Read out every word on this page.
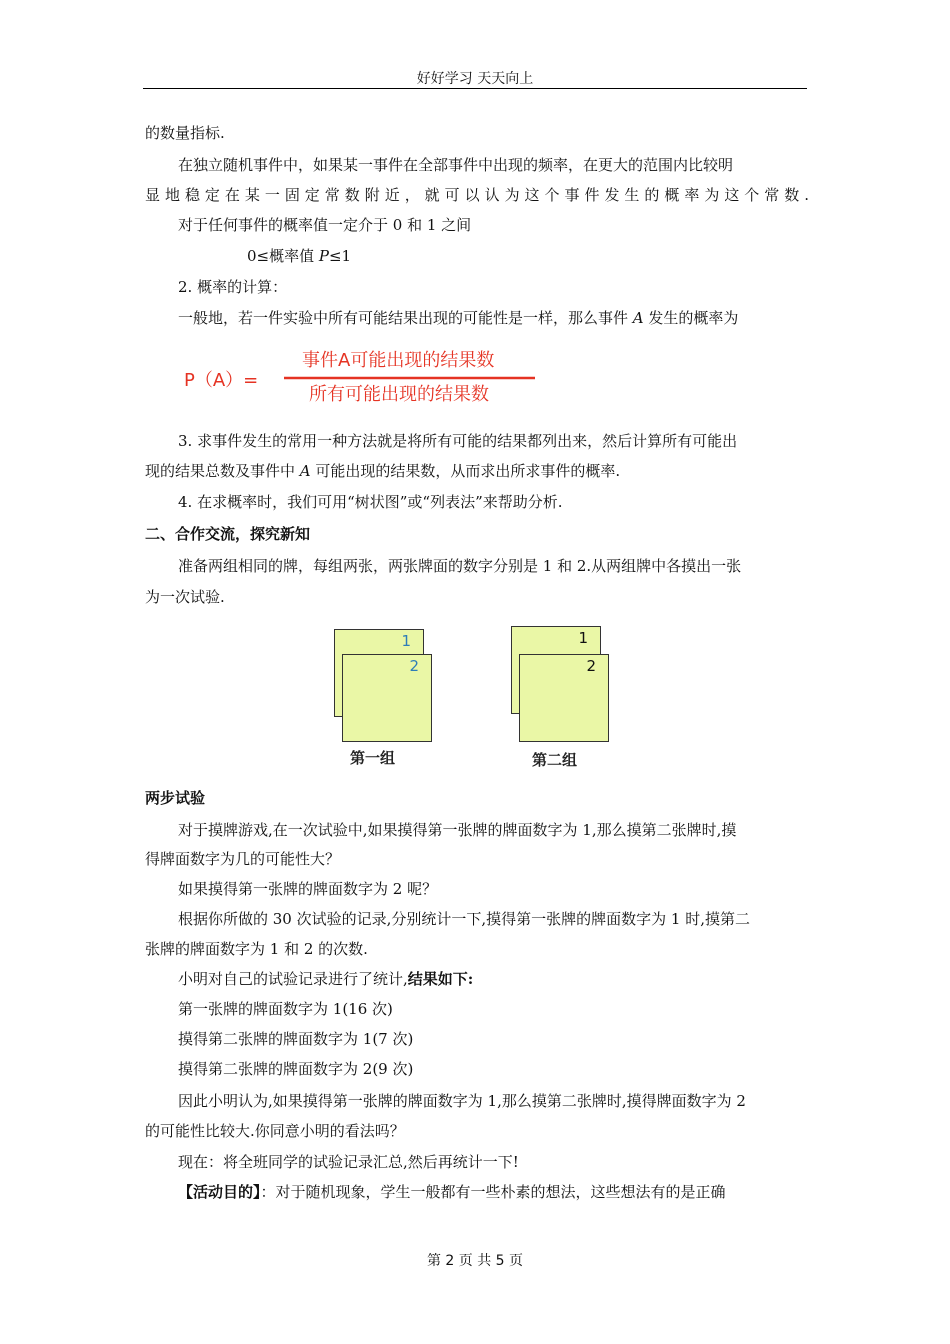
好好学习 天天向上
的数量指标.
在独立随机事件中，如果某一事件在全部事件中出现的频率，在更大的范围内比较明
显地稳定在某一固定常数附近，就可以认为这个事件发生的概率为这个常数.
对于任何事件的概率值一定介于 0 和 1 之间
0≤概率值 P≤1
2. 概率的计算：
一般地，若一件实验中所有可能结果出现的可能性是一样，那么事件 A 发生的概率为
P（A）=
事件A可能出现的结果数
所有可能出现的结果数
3. 求事件发生的常用一种方法就是将所有可能的结果都列出来，然后计算所有可能出
现的结果总数及事件中 A 可能出现的结果数，从而求出所求事件的概率.
4. 在求概率时，我们可用“树状图”或“列表法”来帮助分析.
二、合作交流，探究新知
准备两组相同的牌，每组两张，两张牌面的数字分别是 1 和 2.从两组牌中各摸出一张
为一次试验.
1
2
第一组
1
2
第二组
两步试验
对于摸牌游戏,在一次试验中,如果摸得第一张牌的牌面数字为 1,那么摸第二张牌时,摸
得牌面数字为几的可能性大？
如果摸得第一张牌的牌面数字为 2 呢？
根据你所做的 30 次试验的记录,分别统计一下,摸得第一张牌的牌面数字为 1 时,摸第二
张牌的牌面数字为 1 和 2 的次数.
小明对自己的试验记录进行了统计,结果如下:
第一张牌的牌面数字为 1(16 次)
摸得第二张牌的牌面数字为 1(7 次)
摸得第二张牌的牌面数字为 2(9 次)
因此小明认为,如果摸得第一张牌的牌面数字为 1,那么摸第二张牌时,摸得牌面数字为 2
的可能性比较大.你同意小明的看法吗？
现在：将全班同学的试验记录汇总,然后再统计一下!
【活动目的】：对于随机现象，学生一般都有一些朴素的想法，这些想法有的是正确
第 2 页 共 5 页
